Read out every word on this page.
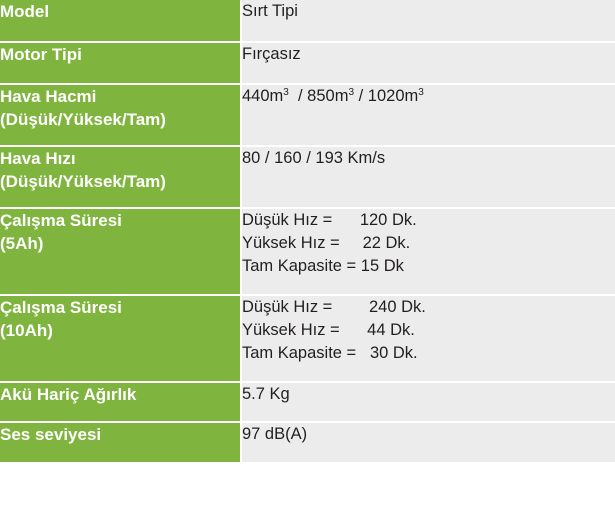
Model	Sırt Tipi

Motor Tipi	Fırçasız

Hava Hacmi
(Düşük/Yüksek/Tam)	$440m^3 / 850m^3 / 1020m^3$

Hava Hızı
(Düşük/Yüksek/Tam)	80 / 160 / 193 Km/s

Çalışma Süresi
(5Ah)	Düşük Hız =      120 Dk.
Yüksek Hız =     22 Dk.
Tam Kapasite = 15 Dk

Çalışma Süresi
(10Ah)	Düşük Hız =        240 Dk.
Yüksek Hız =      44 Dk.
Tam Kapasite =   30 Dk.

Akü Hariç Ağırlık	5.7 Kg

Ses seviyesi	97 dB(A)
